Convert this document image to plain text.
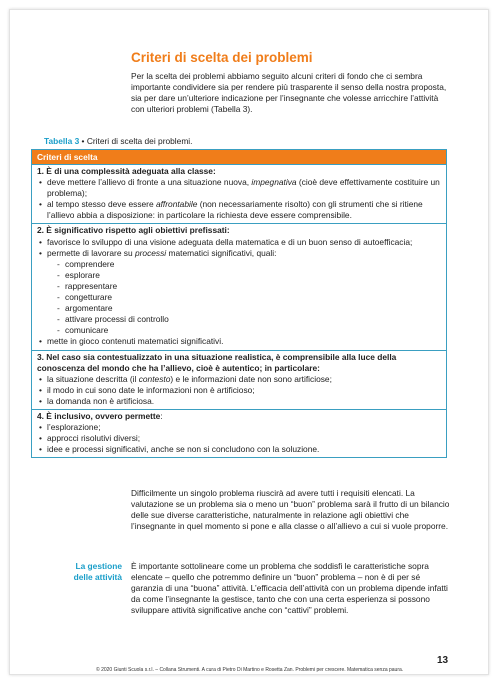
Criteri di scelta dei problemi

Per la scelta dei problemi abbiamo seguito alcuni criteri di fondo che ci sembra importante condividere sia per rendere più trasparente il senso della nostra proposta, sia per dare un’ulteriore indicazione per l’insegnante che volesse arricchire l’attività con ulteriori problemi (Tabella 3).

Tabella 3 • Criteri di scelta dei problemi.

Criteri di scelta
1. È di una complessità adeguata alla classe:
• deve mettere l’allievo di fronte a una situazione nuova, impegnativa (cioè deve effettivamente costituire un problema);
• al tempo stesso deve essere affrontabile (non necessariamente risolto) con gli strumenti che si ritiene l’allievo abbia a disposizione: in particolare la richiesta deve essere comprensibile.
2. È significativo rispetto agli obiettivi prefissati:
• favorisce lo sviluppo di una visione adeguata della matematica e di un buon senso di autoefficacia;
• permette di lavorare su processi matematici significativi, quali:
- comprendere
- esplorare
- rappresentare
- congetturare
- argomentare
- attivare processi di controllo
- comunicare
• mette in gioco contenuti matematici significativi.
3. Nel caso sia contestualizzato in una situazione realistica, è comprensibile alla luce della conoscenza del mondo che ha l’allievo, cioè è autentico; in particolare:
• la situazione descritta (il contesto) e le informazioni date non sono artificiose;
• il modo in cui sono date le informazioni non è artificioso;
• la domanda non è artificiosa.
4. È inclusivo, ovvero permette:
• l’esplorazione;
• approcci risolutivi diversi;
• idee e processi significativi, anche se non si concludono con la soluzione.

Difficilmente un singolo problema riuscirà ad avere tutti i requisiti elencati. La valutazione se un problema sia o meno un “buon” problema sarà il frutto di un bilancio delle sue diverse caratteristiche, naturalmente in relazione agli obiettivi che l’insegnante in quel momento si pone e alla classe o all’allievo a cui si vuole proporre.

La gestione delle attività

È importante sottolineare come un problema che soddisfi le caratteristiche sopra elencate – quello che potremmo definire un “buon” problema – non è di per sé garanzia di una “buona” attività. L’efficacia dell’attività con un problema dipende infatti da come l’insegnante la gestisce, tanto che con una certa esperienza si possono sviluppare attività significative anche con “cattivi” problemi.

13

© 2020 Giunti Scuola s.r.l. – Collana Strumenti. A cura di Pietro Di Martino e Rosetta Zan. Problemi per crescere. Matematica senza paura.
